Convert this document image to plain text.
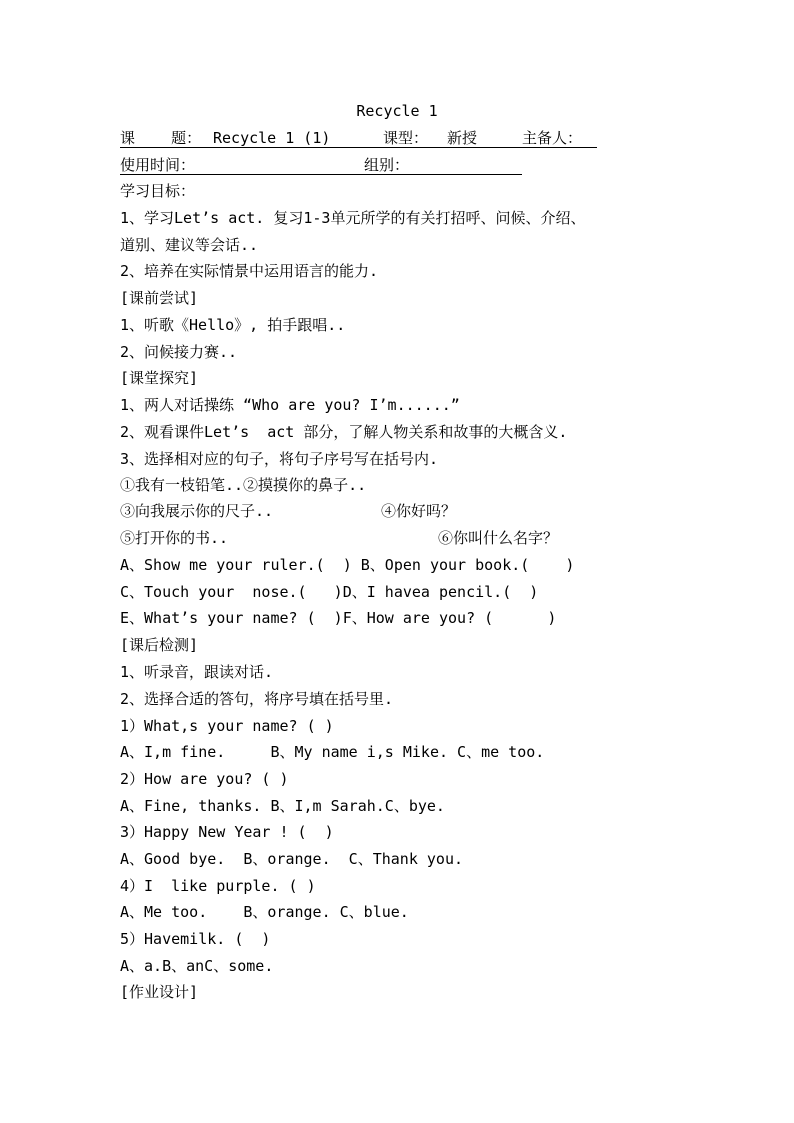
Recycle 1

课    题：

Recycle 1 (1)

	课型：

新授

	主备人：

使用时间：

	组别：

学习目标：
1、学习Let’s act. 复习1-3单元所学的有关打招呼、问候、介绍、
道别、建议等会话..
2、培养在实际情景中运用语言的能力.
[课前尝试]
1、听歌《Hello》, 拍手跟唱..
2、问候接力赛..
[课堂探究]
1、两人对话操练 “Who are you? I’m......”
2、观看课件Let’s  act 部分，了解人物关系和故事的大概含义.
3、选择相对应的句子，将句子序号写在括号内.
①我有一枝铅笔..②摸摸你的鼻子..
③向我展示你的尺子..	④你好吗？
⑤打开你的书..	⑥你叫什么名字？
A、Show me your ruler.(  ) B、Open your book.(    )
C、Touch your  nose.(   )D、I havea pencil.(  )
E、What’s your name? (  )F、How are you? (      )
[课后检测]
1、听录音，跟读对话.
2、选择合适的答句，将序号填在括号里.
1）What,s your name? ( )
A、I,m fine.     B、My name i,s Mike. C、me too.
2）How are you? ( )
A、Fine, thanks. B、I,m Sarah.C、bye.
3）Happy New Year ! (  )
A、Good bye.  B、orange.  C、Thank you.
4）I  like purple. ( )
A、Me too.    B、orange. C、blue.
5）Havemilk. (  )
A、a.B、anC、some.
[作业设计]
